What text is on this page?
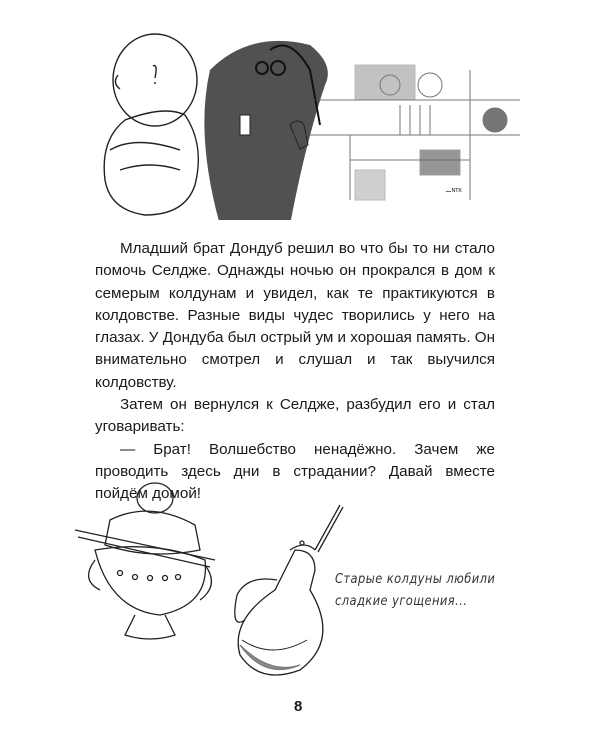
∼ᴺᵀᴷ

Младший брат Дондуб решил во что бы то ни стало помочь Селдже. Однажды ночью он прокрался в дом к семерым колдунам и увидел, как те практикуются в колдовстве. Разные виды чудес творились у него на глазах. У Дондуба был острый ум и хорошая память. Он внимательно смотрел и слушал и так выучился колдовству.

Затем он вернулся к Селдже, разбудил его и стал уговаривать:

— Брат! Волшебство ненадёжно. Зачем же проводить здесь дни в страдании? Давай вместе пойдём домой!

Старые колдуны любили
сладкие угощения...
8
